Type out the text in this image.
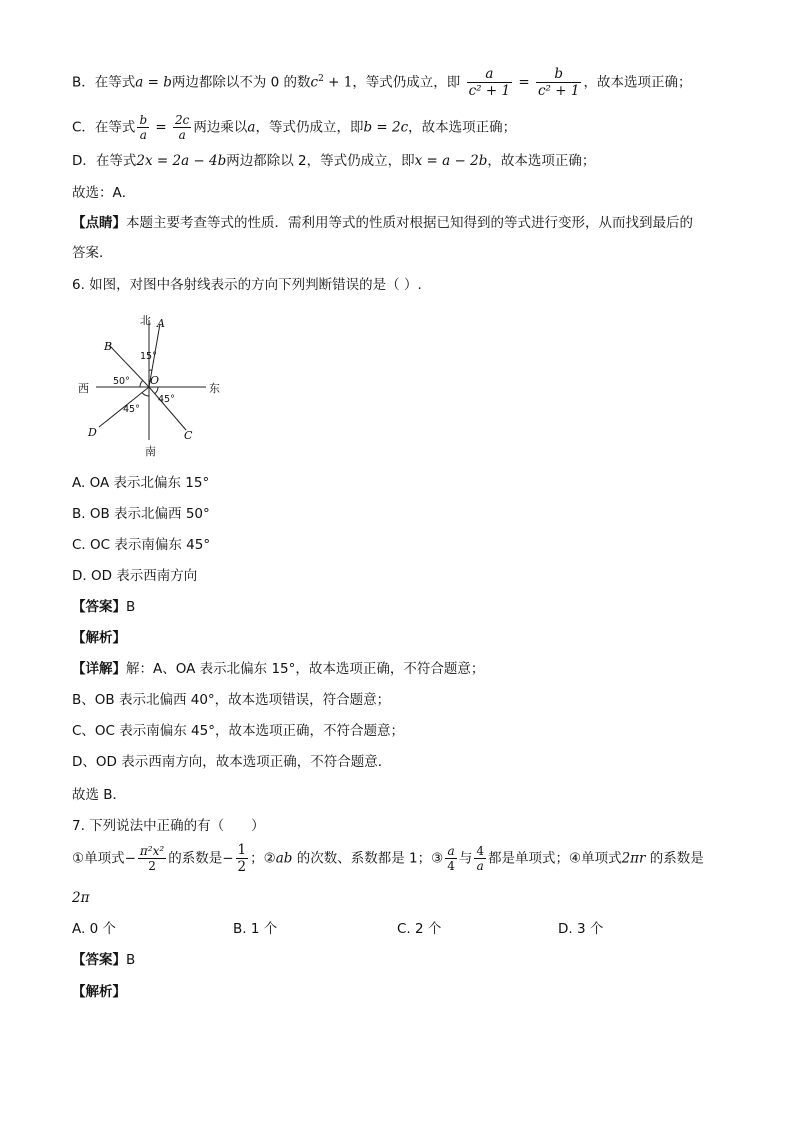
B．在等式a = b两边都除以不为 0 的数$c^2 + 1$，等式仍成立，即 $\frac{a}{\text{c² + 1}} = \frac{b}{\text{c² + 1}}$ ，故本选项正确；
C．在等式 $\frac{b}{a} = \frac{2c}{a}$ 两边乘以a，等式仍成立，即b = 2c，故本选项正确；
D．在等式2x = 2a − 4b两边都除以 2，等式仍成立，即x = a − 2b，故本选项正确；
故选：A．
【点睛】本题主要考查等式的性质．需利用等式的性质对根据已知得到的等式进行变形，从而找到最后的
答案．
6. 如图，对图中各射线表示的方向下列判断错误的是（ ）.
北
南
东
西
A
B
C
D
O
15°
50°
45°
45°
A. OA 表示北偏东 15°
B. OB 表示北偏西 50°
C. OC 表示南偏东 45°
D. OD 表示西南方向
【答案】B
【解析】
【详解】解：A、OA 表示北偏东 15°，故本选项正确，不符合题意；
B、OB 表示北偏西 40°，故本选项错误，符合题意；
C、OC 表示南偏东 45°，故本选项正确，不符合题意；
D、OD 表示西南方向，故本选项正确，不符合题意．
故选 B．
7. 下列说法中正确的有（　　）
①单项式− $\frac{\text{π²x²}}{2}$ 的系数是− $\frac{1}{2}$ ；②ab 的次数、系数都是 1；③ $\frac{a}{4}$ 与 $\frac{4}{a}$ 都是单项式；④单项式2πr 的系数是
2π
A. 0 个	B. 1 个	C. 2 个	D. 3 个
【答案】B
【解析】
